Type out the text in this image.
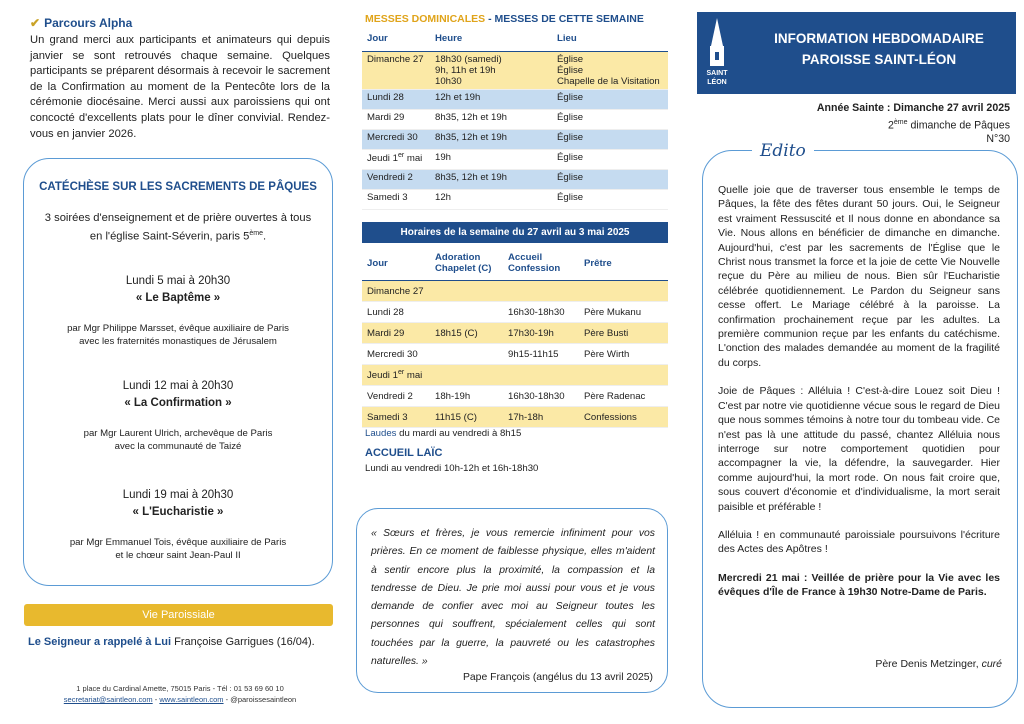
✔ Parcours Alpha
Un grand merci aux participants et animateurs qui depuis janvier se sont retrouvés chaque semaine. Quelques participants se préparent désormais à recevoir le sacrement de la Confirmation au moment de la Pentecôte lors de la cérémonie diocésaine. Merci aussi aux paroissiens qui ont concocté d'excellents plats pour le dîner convivial. Rendez-vous en janvier 2026.
CATÉCHÈSE SUR LES SACREMENTS DE PÂQUES
3 soirées d'enseignement et de prière ouvertes à tous en l'église Saint-Séverin, paris 5ème.
Lundi 5 mai à 20h30
« Le Baptême »
par Mgr Philippe Marsset, évêque auxiliaire de Paris
avec les fraternités monastiques de Jérusalem
Lundi 12 mai à 20h30
« La Confirmation »
par Mgr Laurent Ulrich, archevêque de Paris
avec la communauté de Taizé
Lundi 19 mai à 20h30
« L'Eucharistie »
par Mgr Emmanuel Tois, évêque auxiliaire de Paris
et le chœur saint Jean-Paul II
Vie Paroissiale
Le Seigneur a rappelé à Lui Françoise Garrigues (16/04).
1 place du Cardinal Amette, 75015 Paris - Tél : 01 53 69 60 10
secretariat@saintleon.com - www.saintleon.com - @paroissesaintleon
MESSES DOMINICALES - MESSES DE CETTE SEMAINE
Jour	Heure	Lieu
Dimanche 27	18h30 (samedi)
9h, 11h et 19h
10h30	Église
Église
Chapelle de la Visitation
Lundi 28	12h et 19h	Église
Mardi 29	8h35, 12h et 19h	Église
Mercredi 30	8h35, 12h et 19h	Église
Jeudi 1er mai	19h	Église
Vendredi 2	8h35, 12h et 19h	Église
Samedi 3	12h	Église
Horaires de la semaine du 27 avril au 3 mai 2025
Jour	Adoration
Chapelet (C)	Accueil
Confession	Prêtre
Dimanche 27			
Lundi 28		16h30-18h30	Père Mukanu
Mardi 29	18h15 (C)	17h30-19h	Père Busti
Mercredi 30		9h15-11h15	Père Wirth
Jeudi 1er mai			
Vendredi 2	18h-19h	16h30-18h30	Père Radenac
Samedi 3	11h15 (C)	17h-18h	Confessions
Laudes du mardi au vendredi à 8h15
ACCUEIL LAÏC
Lundi au vendredi 10h-12h et 16h-18h30
« Sœurs et frères, je vous remercie infiniment pour vos prières. En ce moment de faiblesse physique, elles m'aident à sentir encore plus la proximité, la compassion et la tendresse de Dieu. Je prie moi aussi pour vous et je vous demande de confier avec moi au Seigneur toutes les personnes qui souffrent, spécialement celles qui sont touchées par la guerre, la pauvreté ou les catastrophes naturelles. »
Pape François (angélus du 13 avril 2025)
SAINT
LÉON
INFORMATION HEBDOMADAIRE
PAROISSE SAINT-LÉON
Année Sainte : Dimanche 27 avril 2025
2ème dimanche de Pâques
N°30
Edito

Quelle joie que de traverser tous ensemble le temps de Pâques, la fête des fêtes durant 50 jours. Oui, le Seigneur est vraiment Ressuscité et Il nous donne en abondance sa Vie. Nous allons en bénéficier de dimanche en dimanche. Aujourd'hui, c'est par les sacrements de l'Église que le Christ nous transmet la force et la joie de cette Vie Nouvelle reçue du Père au milieu de nous. Bien sûr l'Eucharistie célébrée quotidiennement. Le Pardon du Seigneur sans cesse offert. Le Mariage célébré à la paroisse. La confirmation prochainement reçue par les adultes. La première communion reçue par les enfants du catéchisme. L'onction des malades demandée au moment de la fragilité du corps.

Joie de Pâques : Alléluia ! C'est-à-dire Louez soit Dieu ! C'est par notre vie quotidienne vécue sous le regard de Dieu que nous sommes témoins à notre tour du tombeau vide. Ce n'est pas là une attitude du passé, chantez Alléluia nous interroge sur notre comportement quotidien pour accompagner la vie, la défendre, la sauvegarder. Hier comme aujourd'hui, la mort rode. On nous fait croire que, sous couvert d'économie et d'individualisme, la mort serait paisible et préférable !

Alléluia ! en communauté paroissiale poursuivons l'écriture des Actes des Apôtres !

Mercredi 21 mai : Veillée de prière pour la Vie avec les évêques d'Île de France à 19h30 Notre-Dame de Paris.

Père Denis Metzinger, curé
